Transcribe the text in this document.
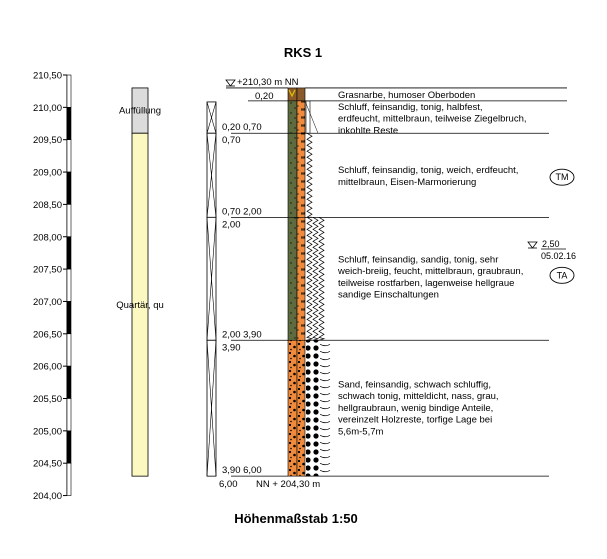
RKS 1
210,50
210,00
209,50
209,00
208,50
208,00
207,50
207,00
206,50
206,00
205,50
205,00
204,50
204,00
Auffüllung
Quartär, qu
0,20
0,20 0,70
0,70
0,70 2,00
2,00
2,00 3,90
3,90
3,90 6,00
Grasnarbe, humoser Oberboden
Schluff, feinsandig, tonig, halbfest,
erdfeucht, mittelbraun, teilweise Ziegelbruch,
inkohlte Reste
Schluff, feinsandig, tonig, weich, erdfeucht,
mittelbraun, Eisen-Marmorierung	TM
Schluff, feinsandig, sandig, tonig, sehr
weich-breiig, feucht, mittelbraun, graubraun,
teilweise rostfarben, lagenweise hellgraue
sandige Einschaltungen
TA
Sand, feinsandig, schwach schluffig,
schwach tonig, mitteldicht, nass, grau,
hellgraubraun, wenig bindige Anteile,
vereinzelt Holzreste, torfige Lage bei
5,6m-5,7m
2,50
05.02.16
+210,30 m NN
6,00 NN + 204,30 m
Höhenmaßstab 1:50
